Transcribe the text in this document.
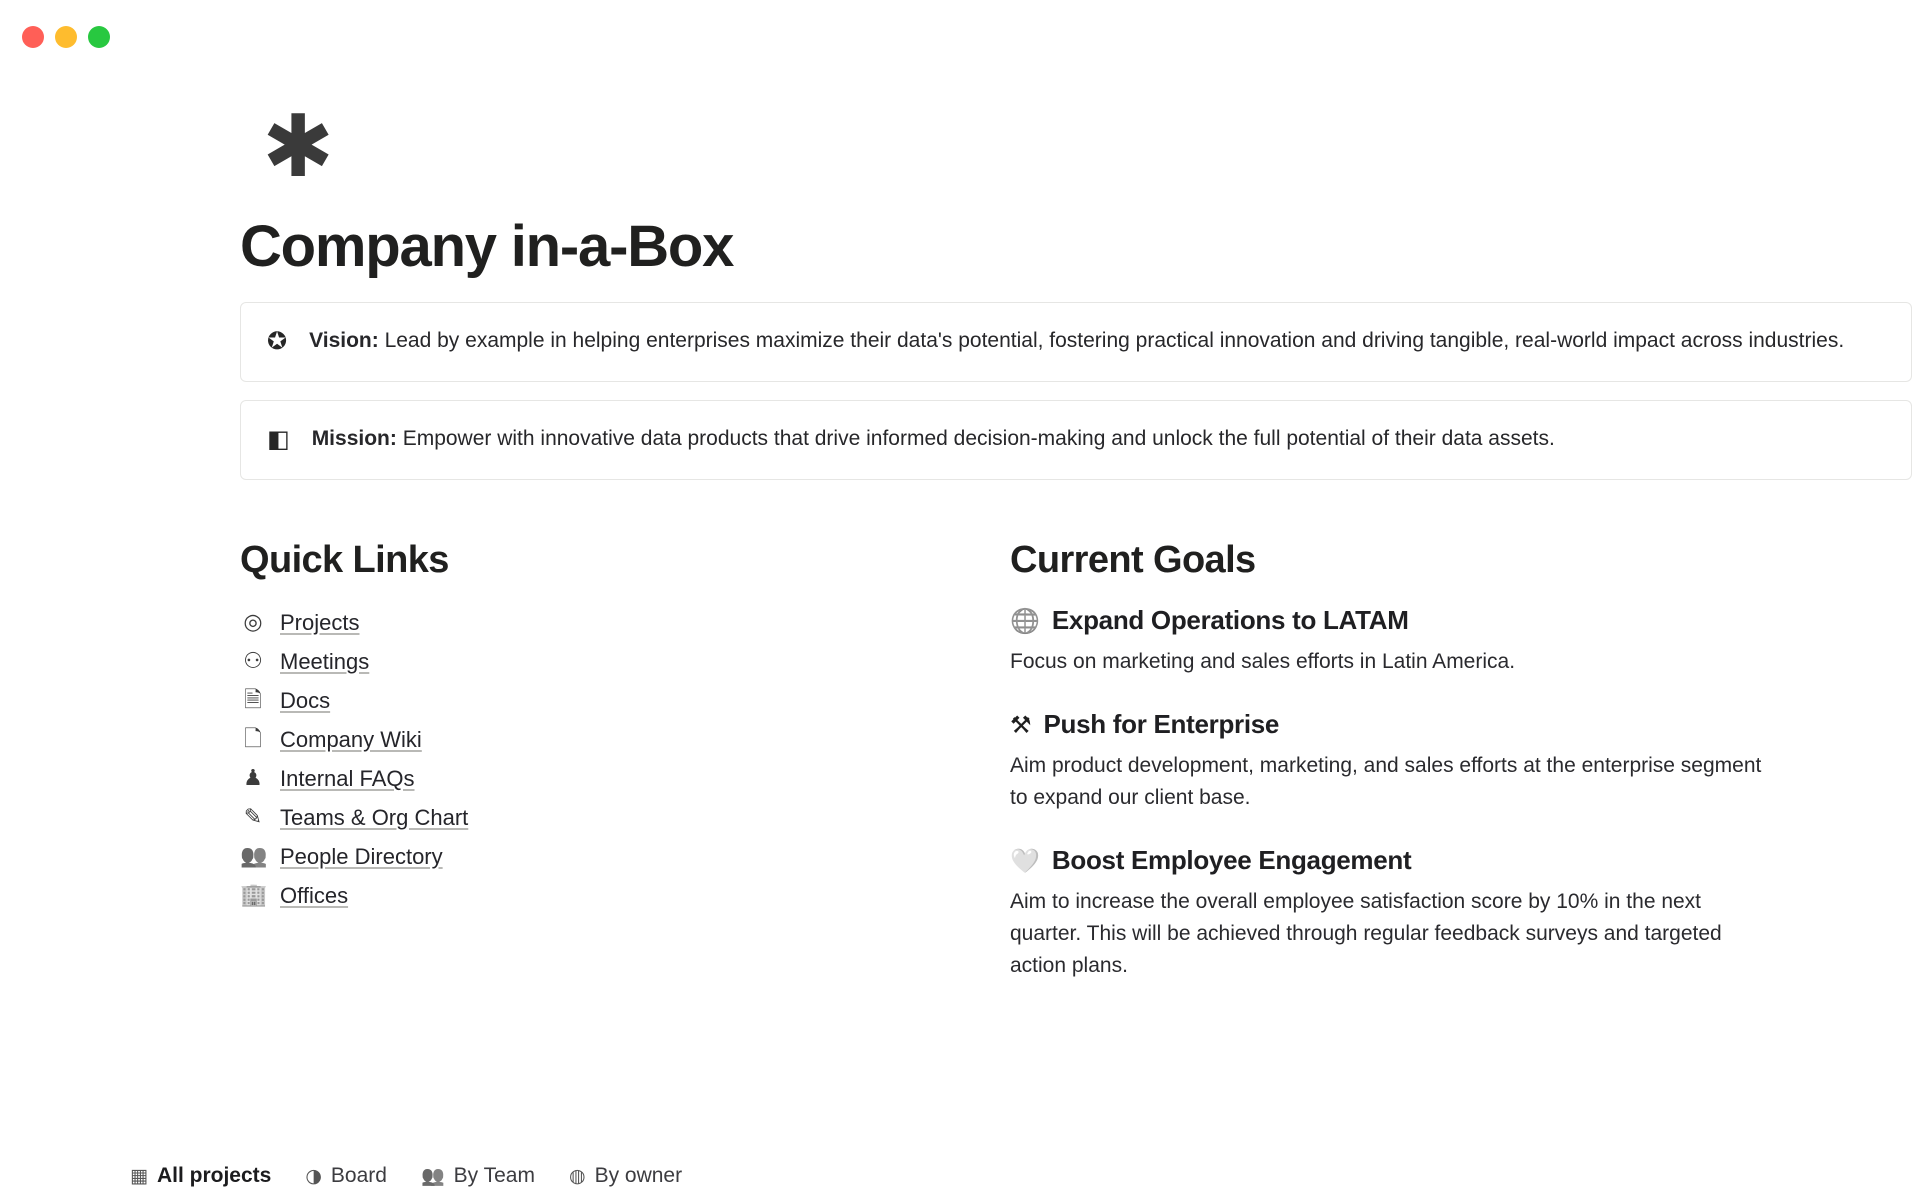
✱
Company in-a-Box
✪ Vision: Lead by example in helping enterprises maximize their data's potential, fostering practical innovation and driving tangible, real-world impact across industries.
◧ Mission: Empower with innovative data products that drive informed decision-making and unlock the full potential of their data assets.
Quick Links
◎ Projects
⚇ Meetings
🗎 Docs
🗋 Company Wiki
♟ Internal FAQs
✎ Teams & Org Chart
👥 People Directory
🏢 Offices
Current Goals
🌐 Expand Operations to LATAM
Focus on marketing and sales efforts in Latin America.
⚒ Push for Enterprise
Aim product development, marketing, and sales efforts at the enterprise segment to expand our client base.
🤍 Boost Employee Engagement
Aim to increase the overall employee satisfaction score by 10% in the next quarter. This will be achieved through regular feedback surveys and targeted action plans.
▦ All projects ◑ Board 👥 By Team ◍ By owner
